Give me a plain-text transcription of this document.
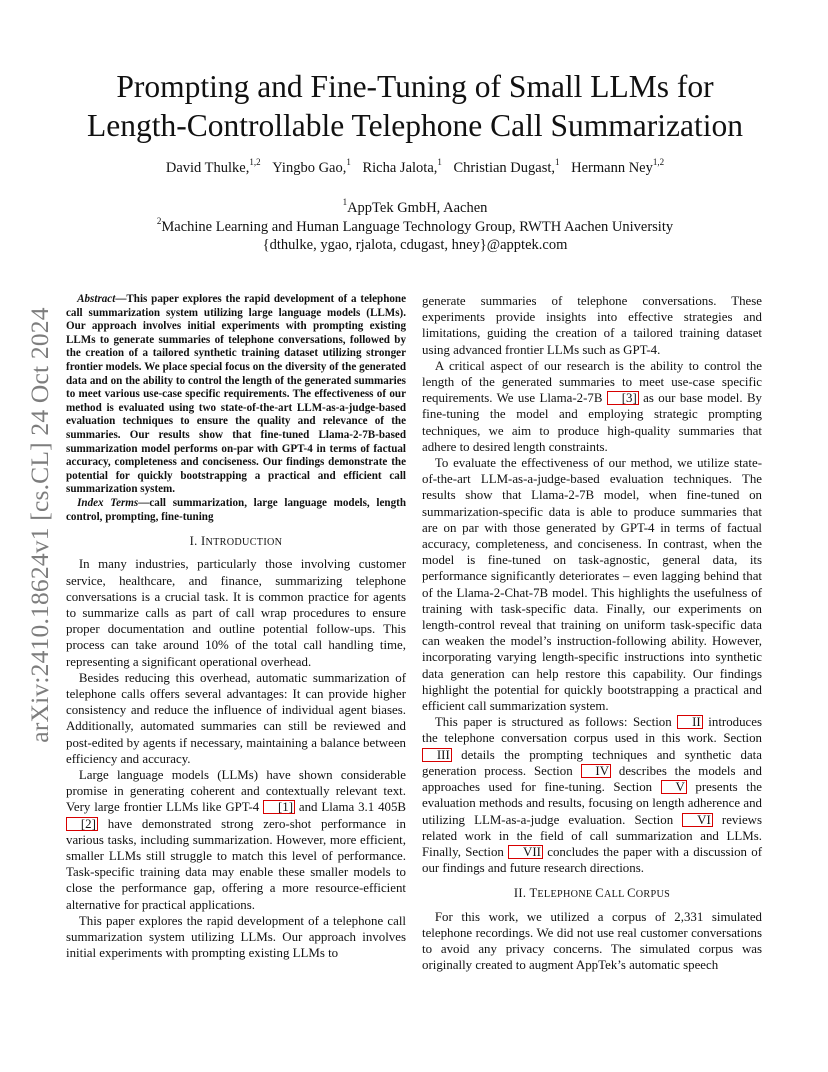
arXiv:2410.18624v1 [cs.CL] 24 Oct 2024
Prompting and Fine-Tuning of Small LLMs for
Length-Controllable Telephone Call Summarization
David Thulke,$^{1,2}$ Yingbo Gao,$^1$ Richa Jalota,$^1$ Christian Dugast,$^1$ Hermann Ney$^{1,2}$
$^1$AppTek GmbH, Aachen
$^2$Machine Learning and Human Language Technology Group, RWTH Aachen University
{dthulke, ygao, rjalota, cdugast, hney}@apptek.com

Abstract—This paper explores the rapid development of a telephone call summarization system utilizing large language models (LLMs). Our approach involves initial experiments with prompting existing LLMs to generate summaries of telephone conversations, followed by the creation of a tailored synthetic training dataset utilizing stronger frontier models. We place special focus on the diversity of the generated data and on the ability to control the length of the generated summaries to meet various use-case specific requirements. The effectiveness of our method is evaluated using two state-of-the-art LLM-as-a-judge-based evaluation techniques to ensure the quality and relevance of the summaries. Our results show that fine-tuned Llama-2-7B-based summarization model performs on-par with GPT-4 in terms of factual accuracy, completeness and conciseness. Our findings demonstrate the potential for quickly bootstrapping a practical and efficient call summarization system.

Index Terms—call summarization, large language models, length control, prompting, fine-tuning

I. INTRODUCTION

In many industries, particularly those involving customer service, healthcare, and finance, summarizing telephone conversations is a crucial task. It is common practice for agents to summarize calls as part of call wrap procedures to ensure proper documentation and outline potential follow-ups. This process can take around 10% of the total call handling time, representing a significant operational overhead.

Besides reducing this overhead, automatic summarization of telephone calls offers several advantages: It can provide higher consistency and reduce the influence of individual agent biases. Additionally, automated summaries can still be reviewed and post-edited by agents if necessary, maintaining a balance between efficiency and accuracy.

Large language models (LLMs) have shown considerable promise in generating coherent and contextually relevant text. Very large frontier LLMs like GPT-4 [1] and Llama 3.1 405B [2] have demonstrated strong zero-shot performance in various tasks, including summarization. However, more efficient, smaller LLMs still struggle to match this level of performance. Task-specific training data may enable these smaller models to close the performance gap, offering a more resource-efficient alternative for practical applications.

This paper explores the rapid development of a telephone call summarization system utilizing LLMs. Our approach involves initial experiments with prompting existing LLMs to

generate summaries of telephone conversations. These experiments provide insights into effective strategies and limitations, guiding the creation of a tailored training dataset using advanced frontier LLMs such as GPT-4.

A critical aspect of our research is the ability to control the length of the generated summaries to meet use-case specific requirements. We use Llama-2-7B [3] as our base model. By fine-tuning the model and employing strategic prompting techniques, we aim to produce high-quality summaries that adhere to desired length constraints.

To evaluate the effectiveness of our method, we utilize state-of-the-art LLM-as-a-judge-based evaluation techniques. The results show that Llama-2-7B model, when fine-tuned on summarization-specific data is able to produce summaries that are on par with those generated by GPT-4 in terms of factual accuracy, completeness, and conciseness. In contrast, when the model is fine-tuned on task-agnostic, general data, its performance significantly deteriorates – even lagging behind that of the Llama-2-Chat-7B model. This highlights the usefulness of training with task-specific data. Finally, our experiments on length-control reveal that training on uniform task-specific data can weaken the model’s instruction-following ability. However, incorporating varying length-specific instructions into synthetic data generation can help restore this capability. Our findings highlight the potential for quickly bootstrapping a practical and efficient call summarization system.

This paper is structured as follows: Section II introduces the telephone conversation corpus used in this work. Section III details the prompting techniques and synthetic data generation process. Section IV describes the models and approaches used for fine-tuning. Section V presents the evaluation methods and results, focusing on length adherence and utilizing LLM-as-a-judge evaluation. Section VI reviews related work in the field of call summarization and LLMs. Finally, Section VII concludes the paper with a discussion of our findings and future research directions.

II. TELEPHONE CALL CORPUS

For this work, we utilized a corpus of 2,331 simulated telephone recordings. We did not use real customer conversations to avoid any privacy concerns. The simulated corpus was originally created to augment AppTek’s automatic speech
